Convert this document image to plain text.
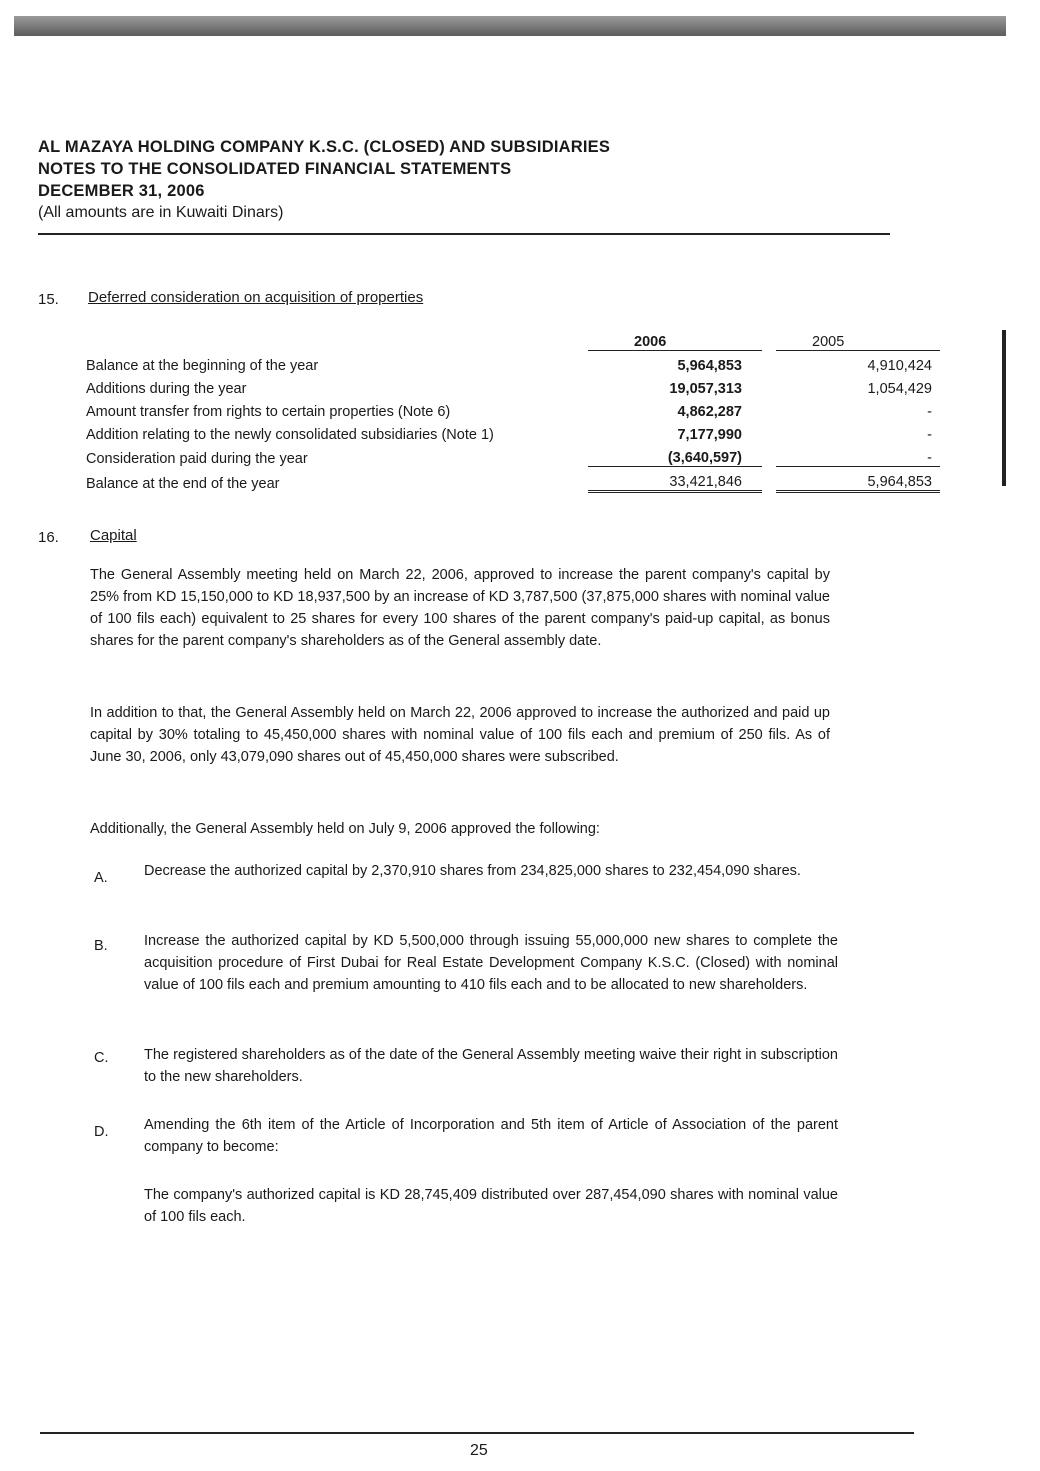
AL MAZAYA HOLDING COMPANY K.S.C. (CLOSED) AND SUBSIDIARIES
NOTES TO THE CONSOLIDATED FINANCIAL STATEMENTS
DECEMBER 31, 2006
(All amounts are in Kuwaiti Dinars)
15. Deferred consideration on acquisition of properties
	2006		2005
Balance at the beginning of the year	5,964,853		4,910,424
Additions during the year	19,057,313		1,054,429
Amount transfer from rights to certain properties (Note 6)	4,862,287		-
Addition relating to the newly consolidated subsidiaries (Note 1)	7,177,990		-
Consideration paid during the year	(3,640,597)		-
Balance at the end of the year	33,421,846		5,964,853
16. Capital
The General Assembly meeting held on March 22, 2006, approved to increase the parent company's capital by 25% from KD 15,150,000 to KD 18,937,500 by an increase of KD 3,787,500 (37,875,000 shares with nominal value of 100 fils each) equivalent to 25 shares for every 100 shares of the parent company's paid-up capital, as bonus shares for the parent company's shareholders as of the General assembly date.
In addition to that, the General Assembly held on March 22, 2006 approved to increase the authorized and paid up capital by 30% totaling to 45,450,000 shares with nominal value of 100 fils each and premium of 250 fils. As of June 30, 2006, only 43,079,090 shares out of 45,450,000 shares were subscribed.
Additionally, the General Assembly held on July 9, 2006 approved the following:
A.	Decrease the authorized capital by 2,370,910 shares from 234,825,000 shares to 232,454,090 shares.
B.	Increase the authorized capital by KD 5,500,000 through issuing 55,000,000 new shares to complete the acquisition procedure of First Dubai for Real Estate Development Company K.S.C. (Closed) with nominal value of 100 fils each and premium amounting to 410 fils each and to be allocated to new shareholders.
C. The registered shareholders as of the date of the General Assembly meeting waive their right in subscription to the new shareholders.
D. Amending the 6th item of the Article of Incorporation and 5th item of Article of Association of the parent company to become:
The company's authorized capital is KD 28,745,409 distributed over 287,454,090 shares with nominal value of 100 fils each.
25
